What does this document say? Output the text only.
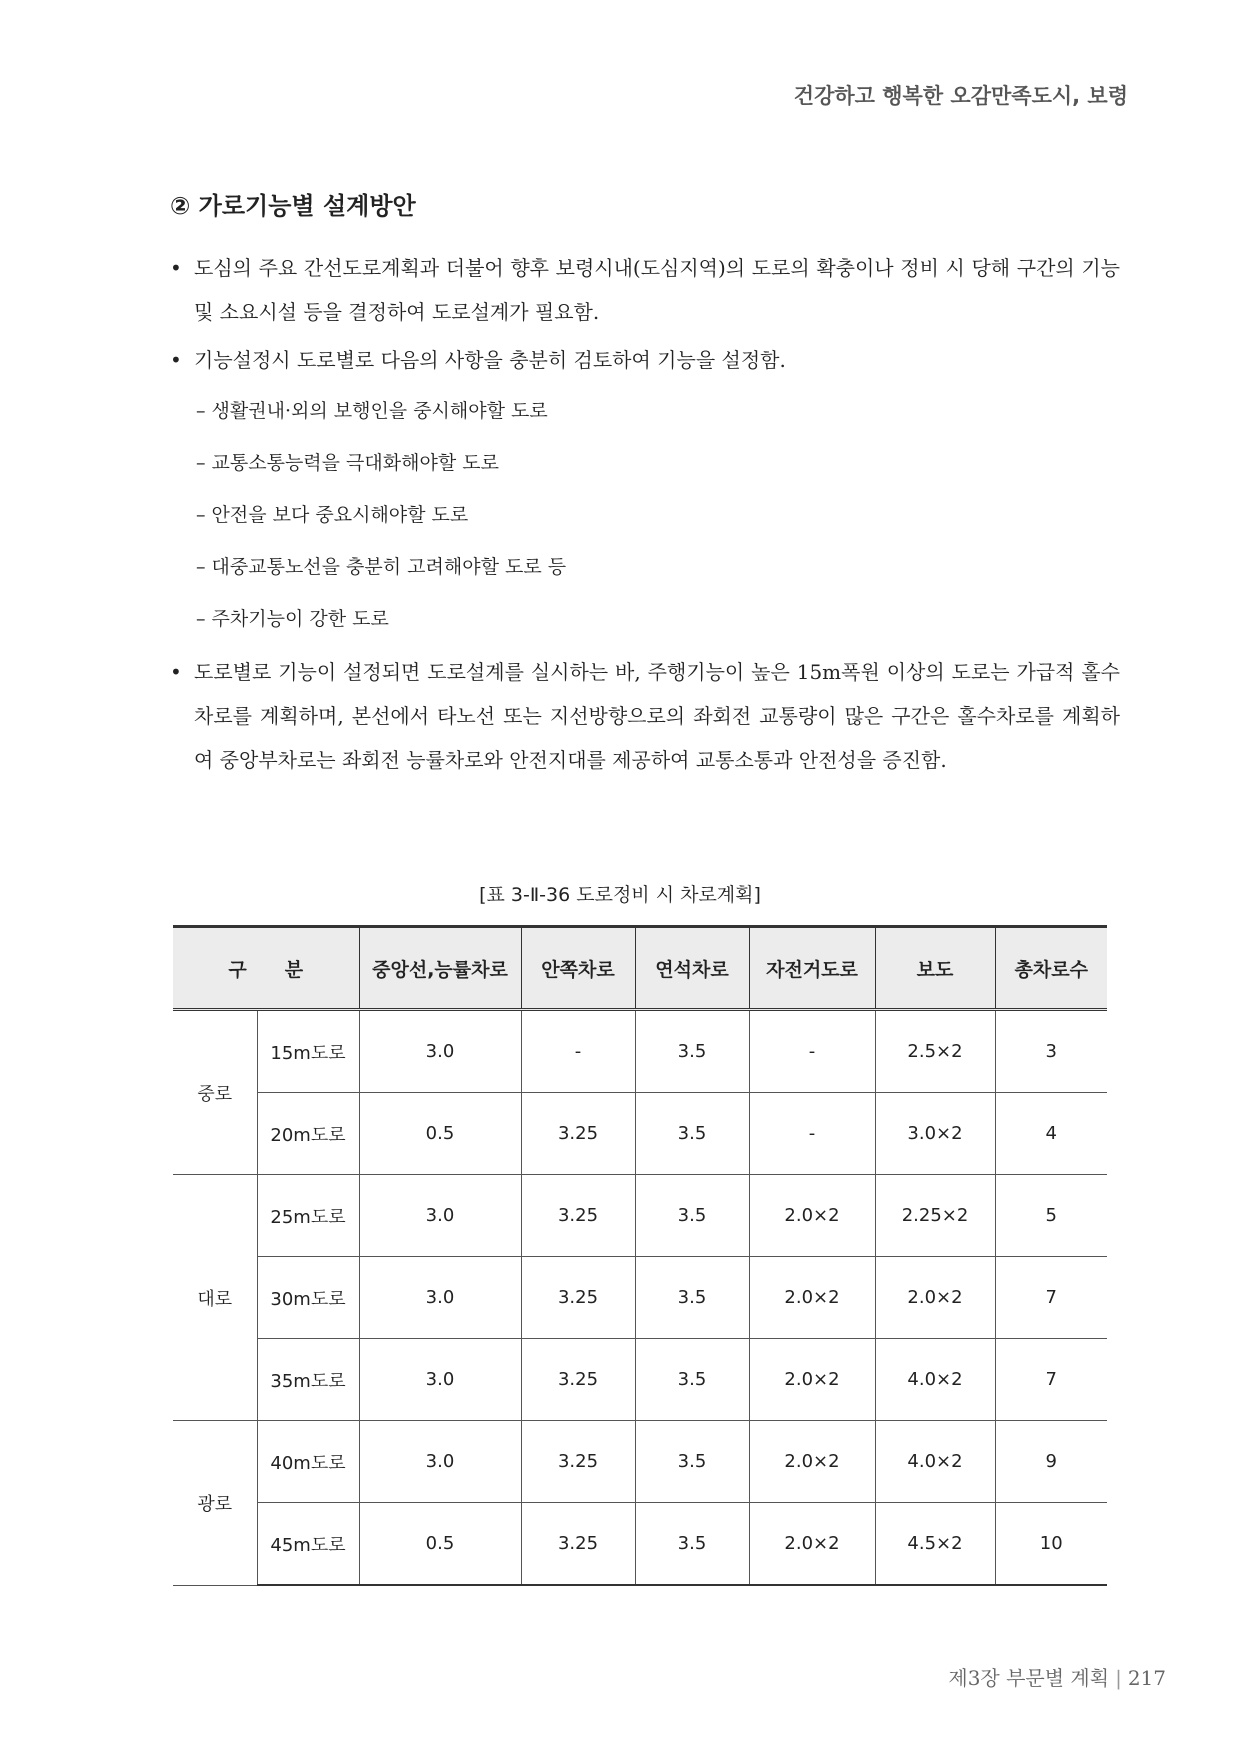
건강하고 행복한 오감만족도시, 보령
② 가로기능별 설계방안
• 도심의 주요 간선도로계획과 더불어 향후 보령시내(도심지역)의 도로의 확충이나 정비 시 당해 구간의 기능 및 소요시설 등을 결정하여 도로설계가 필요함.
• 기능설정시 도로별로 다음의 사항을 충분히 검토하여 기능을 설정함.
– 생활권내·외의 보행인을 중시해야할 도로
– 교통소통능력을 극대화해야할 도로
– 안전을 보다 중요시해야할 도로
– 대중교통노선을 충분히 고려해야할 도로 등
– 주차기능이 강한 도로
• 도로별로 기능이 설정되면 도로설계를 실시하는 바, 주행기능이 높은 15m폭원 이상의 도로는 가급적 홀수차로를 계획하며, 본선에서 타노선 또는 지선방향으로의 좌회전 교통량이 많은 구간은 홀수차로를 계획하여 중앙부차로는 좌회전 능률차로와 안전지대를 제공하여 교통소통과 안전성을 증진함.
[표 3-Ⅱ-36 도로정비 시 차로계획]
구　　분		중앙선,능률차로	안쪽차로	연석차로	자전거도로	보도	총차로수
중로	15m도로	3.0	-	3.5	-	2.5×2	3
	20m도로	0.5	3.25	3.5	-	3.0×2	4
대로	25m도로	3.0	3.25	3.5	2.0×2	2.25×2	5
	30m도로	3.0	3.25	3.5	2.0×2	2.0×2	7
	35m도로	3.0	3.25	3.5	2.0×2	4.0×2	7
광로	40m도로	3.0	3.25	3.5	2.0×2	4.0×2	9
	45m도로	0.5	3.25	3.5	2.0×2	4.5×2	10
제3장 부문별 계획 | 217
